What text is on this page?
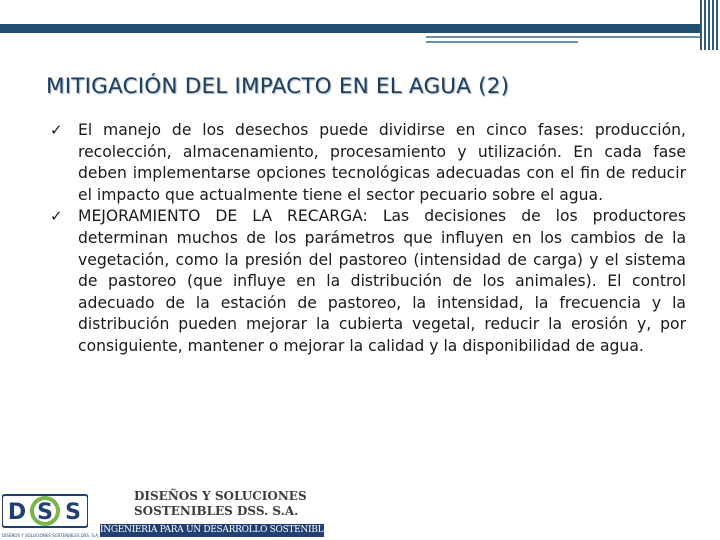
MITIGACIÓN DEL IMPACTO EN EL AGUA (2)
✓ El manejo de los desechos puede dividirse en cinco fases: producción, recolección, almacenamiento, procesamiento y utilización. En cada fase deben implementarse opciones tecnológicas adecuadas con el fin de reducir el impacto que actualmente tiene el sector pecuario sobre el agua.
✓ MEJORAMIENTO DE LA RECARGA: Las decisiones de los productores determinan muchos de los parámetros que influyen en los cambios de la vegetación, como la presión del pastoreo (intensidad de carga) y el sistema de pastoreo (que influye en la distribución de los animales). El control adecuado de la estación de pastoreo, la intensidad, la frecuencia y la distribución pueden mejorar la cubierta vegetal, reducir la erosión y, por consiguiente, mantener o mejorar la calidad y la disponibilidad de agua.
D S S
DISEÑOS Y SOLUCIONES SOSTENIBLES DSS. S.A.
DISEÑOS Y SOLUCIONES
SOSTENIBLES DSS. S.A.
INGENIERIA PARA UN DESARROLLO SOSTENIBLE
